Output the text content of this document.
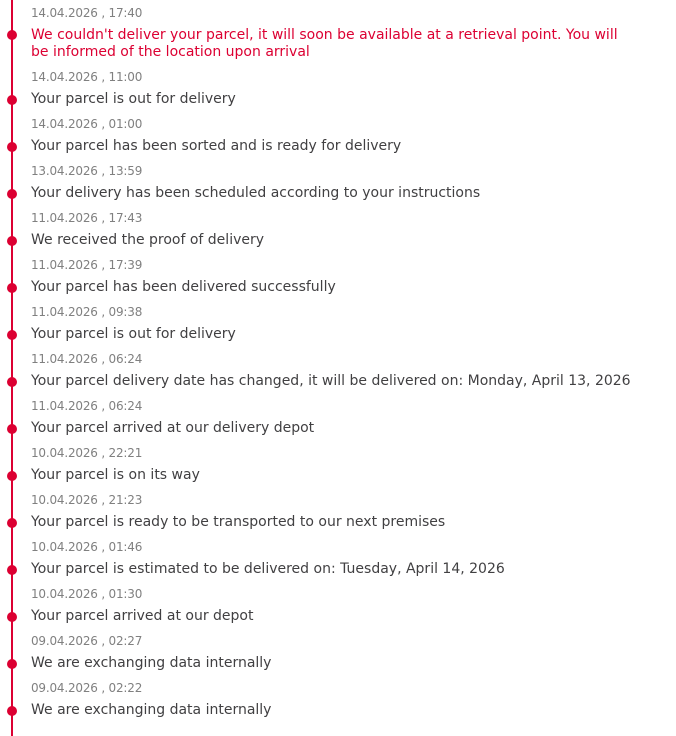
14.04.2026 , 17:40
We couldn't deliver your parcel, it will soon be available at a retrieval point. You will be informed of the location upon arrival
14.04.2026 , 11:00
Your parcel is out for delivery
14.04.2026 , 01:00
Your parcel has been sorted and is ready for delivery
13.04.2026 , 13:59
Your delivery has been scheduled according to your instructions
11.04.2026 , 17:43
We received the proof of delivery
11.04.2026 , 17:39
Your parcel has been delivered successfully
11.04.2026 , 09:38
Your parcel is out for delivery
11.04.2026 , 06:24
Your parcel delivery date has changed, it will be delivered on: Monday, April 13, 2026
11.04.2026 , 06:24
Your parcel arrived at our delivery depot
10.04.2026 , 22:21
Your parcel is on its way
10.04.2026 , 21:23
Your parcel is ready to be transported to our next premises
10.04.2026 , 01:46
Your parcel is estimated to be delivered on: Tuesday, April 14, 2026
10.04.2026 , 01:30
Your parcel arrived at our depot
09.04.2026 , 02:27
We are exchanging data internally
09.04.2026 , 02:22
We are exchanging data internally
